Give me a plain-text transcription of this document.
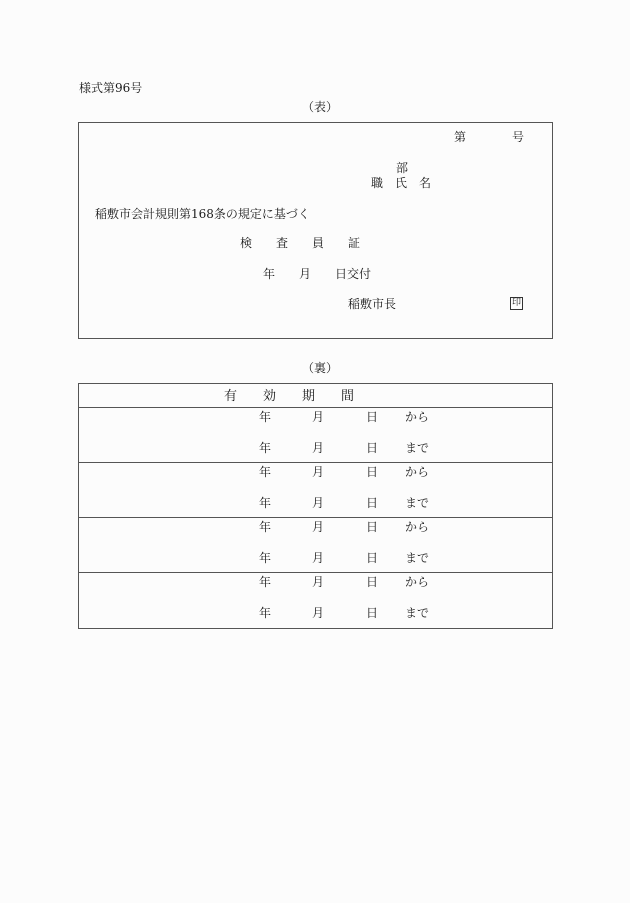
様式第96号
（表）
第	号
部
職　氏　名
稲敷市会計規則第168条の規定に基づく
検　　査　　員　　証
年　　月　　日交付
稲敷市長	印
（裏）
有　　効　　期　　間
年	月	日 から
年	月	日 まで
年	月	日 から
年	月	日 まで
年	月	日 から
年	月	日 まで
年	月	日 から
年	月	日 まで
